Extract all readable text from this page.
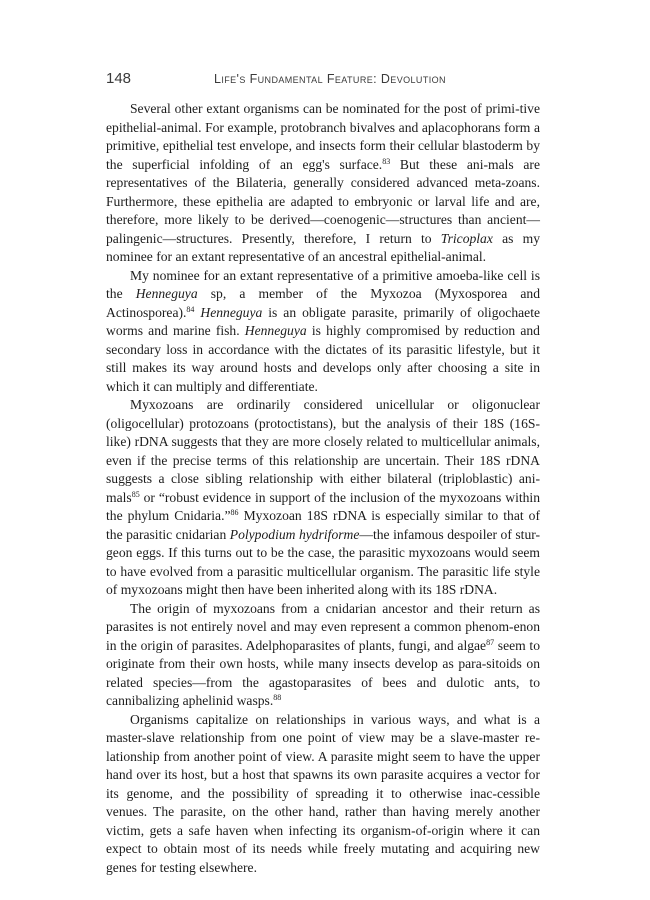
148	Life's Fundamental Feature: Devolution

Several other extant organisms can be nominated for the post of primi-tive epithelial-animal. For example, protobranch bivalves and aplacophorans form a primitive, epithelial test envelope, and insects form their cellular blastoderm by the superficial infolding of an egg's surface.$^{83}$ But these ani-mals are representatives of the Bilateria, generally considered advanced meta-zoans. Furthermore, these epithelia are adapted to embryonic or larval life and are, therefore, more likely to be derived—coenogenic—structures than ancient—palingenic—structures. Presently, therefore, I return to Tricoplax as my nominee for an extant representative of an ancestral epithelial-animal.

My nominee for an extant representative of a primitive amoeba-like cell is the Henneguya sp, a member of the Myxozoa (Myxosporea and Actinosporea).$^{84}$ Henneguya is an obligate parasite, primarily of oligochaete worms and marine fish. Henneguya is highly compromised by reduction and secondary loss in accordance with the dictates of its parasitic lifestyle, but it still makes its way around hosts and develops only after choosing a site in which it can multiply and differentiate.

Myxozoans are ordinarily considered unicellular or oligonuclear (oligocellular) protozoans (protoctistans), but the analysis of their 18S (16S-like) rDNA suggests that they are more closely related to multicellular animals, even if the precise terms of this relationship are uncertain. Their 18S rDNA suggests a close sibling relationship with either bilateral (triploblastic) ani-mals$^{85}$ or “robust evidence in support of the inclusion of the myxozoans within the phylum Cnidaria.”$^{86}$ Myxozoan 18S rDNA is especially similar to that of the parasitic cnidarian Polypodium hydriforme—the infamous despoiler of stur-geon eggs. If this turns out to be the case, the parasitic myxozoans would seem to have evolved from a parasitic multicellular organism. The parasitic life style of myxozoans might then have been inherited along with its 18S rDNA.

The origin of myxozoans from a cnidarian ancestor and their return as parasites is not entirely novel and may even represent a common phenom-enon in the origin of parasites. Adelphoparasites of plants, fungi, and algae$^{87}$ seem to originate from their own hosts, while many insects develop as para-sitoids on related species—from the agastoparasites of bees and dulotic ants, to cannibalizing aphelinid wasps.$^{88}$

Organisms capitalize on relationships in various ways, and what is a master-slave relationship from one point of view may be a slave-master re-lationship from another point of view. A parasite might seem to have the upper hand over its host, but a host that spawns its own parasite acquires a vector for its genome, and the possibility of spreading it to otherwise inac-cessible venues. The parasite, on the other hand, rather than having merely another victim, gets a safe haven when infecting its organism-of-origin where it can expect to obtain most of its needs while freely mutating and acquiring new genes for testing elsewhere.
